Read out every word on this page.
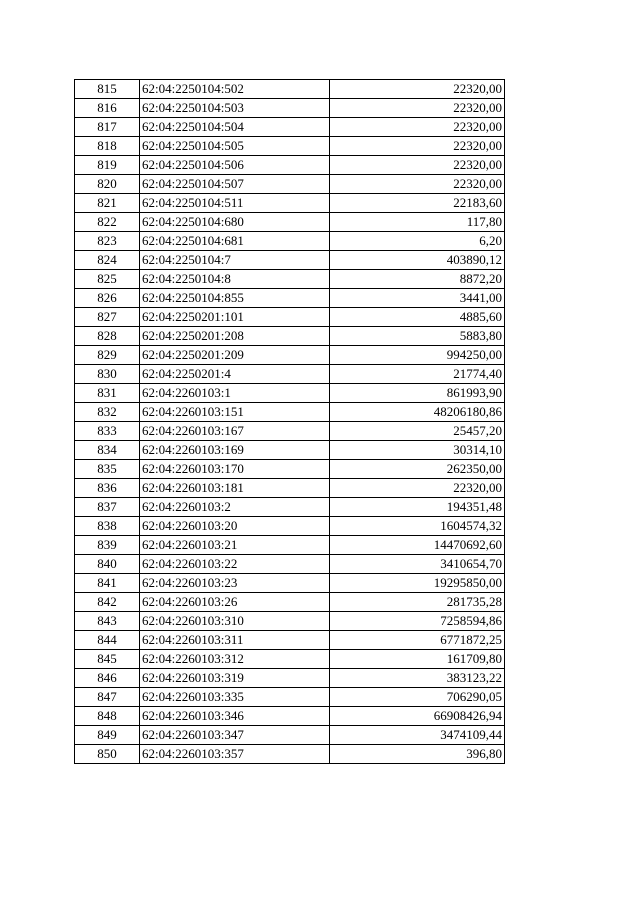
815	62:04:2250104:502	22320,00
816	62:04:2250104:503	22320,00
817	62:04:2250104:504	22320,00
818	62:04:2250104:505	22320,00
819	62:04:2250104:506	22320,00
820	62:04:2250104:507	22320,00
821	62:04:2250104:511	22183,60
822	62:04:2250104:680	117,80
823	62:04:2250104:681	6,20
824	62:04:2250104:7	403890,12
825	62:04:2250104:8	8872,20
826	62:04:2250104:855	3441,00
827	62:04:2250201:101	4885,60
828	62:04:2250201:208	5883,80
829	62:04:2250201:209	994250,00
830	62:04:2250201:4	21774,40
831	62:04:2260103:1	861993,90
832	62:04:2260103:151	48206180,86
833	62:04:2260103:167	25457,20
834	62:04:2260103:169	30314,10
835	62:04:2260103:170	262350,00
836	62:04:2260103:181	22320,00
837	62:04:2260103:2	194351,48
838	62:04:2260103:20	1604574,32
839	62:04:2260103:21	14470692,60
840	62:04:2260103:22	3410654,70
841	62:04:2260103:23	19295850,00
842	62:04:2260103:26	281735,28
843	62:04:2260103:310	7258594,86
844	62:04:2260103:311	6771872,25
845	62:04:2260103:312	161709,80
846	62:04:2260103:319	383123,22
847	62:04:2260103:335	706290,05
848	62:04:2260103:346	66908426,94
849	62:04:2260103:347	3474109,44
850	62:04:2260103:357	396,80
